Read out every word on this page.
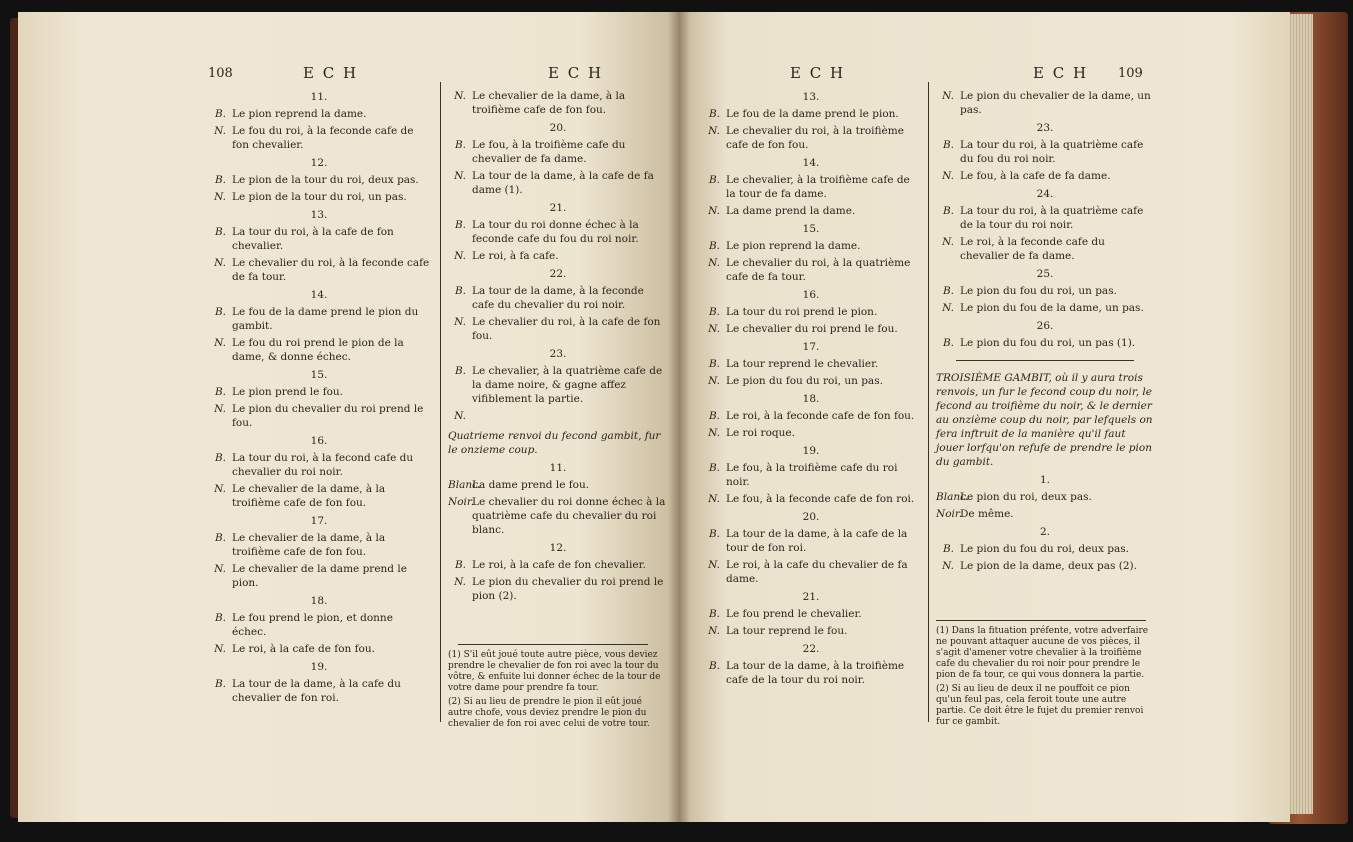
108	E C H	E C H
11.
B. Le pion reprend la dame.
N. Le fou du roi, à la feconde cafe de fon chevalier.
12.
B. Le pion de la tour du roi, deux pas.
N. Le pion de la tour du roi, un pas.
13.
B. La tour du roi, à la cafe de fon chevalier.
N. Le chevalier du roi, à la feconde cafe de fa tour.
14.
B. Le fou de la dame prend le pion du gambit.
N. Le fou du roi prend le pion de la dame, & donne échec.
15.
B. Le pion prend le fou.
N. Le pion du chevalier du roi prend le fou.
16.
B. La tour du roi, à la fecond cafe du chevalier du roi noir.
N. Le chevalier de la dame, à la troifième cafe de fon fou.
17.
B. Le chevalier de la dame, à la troifième cafe de fon fou.
N. Le chevalier de la dame prend le pion.
18.
B. Le fou prend le pion, et donne échec.
N. Le roi, à la cafe de fon fou.
19.
B. La tour de la dame, à la cafe du chevalier de fon roi.
N. Le chevalier de la dame, à la troifième cafe de fon fou.
20.
B. Le fou, à la troifième cafe du chevalier de fa dame.
N. La tour de la dame, à la cafe de fa dame (1).
21.
B. La tour du roi donne échec à la feconde cafe du fou du roi noir.
N. Le roi, à fa cafe.
22.
B. La tour de la dame, à la feconde cafe du chevalier du roi noir.
N. Le chevalier du roi, à la cafe de fon fou.
23.
B. Le chevalier, à la quatrième cafe de la dame noire, & gagne affez vifiblement la partie.
N.
Quatrieme renvoi du fecond gambit, fur le onzieme coup.
11.
Blanc.
La dame prend le fou.
Noir.
Le chevalier du roi donne échec à la quatrième cafe du chevalier du roi blanc.
12.
B. Le roi, à la cafe de fon chevalier.
N. Le pion du chevalier du roi prend le pion (2).

(1) S'il eût joué toute autre pièce, vous deviez prendre le chevalier de fon roi avec la tour du vôtre, & enfuite lui donner échec de la tour de votre dame pour prendre fa tour.

(2) Si au lieu de prendre le pion il eût joué autre chofe, vous deviez prendre le pion du chevalier de fon roi avec celui de votre tour.

E C H	E C H 109
13.
B. Le fou de la dame prend le pion.
N. Le chevalier du roi, à la troifième cafe de fon fou.
14.
B. Le chevalier, à la troifième cafe de la tour de fa dame.
N. La dame prend la dame.
15.
B. Le pion reprend la dame.
N. Le chevalier du roi, à la quatrième cafe de fa tour.
16.
B. La tour du roi prend le pion.
N. Le chevalier du roi prend le fou.
17.
B. La tour reprend le chevalier.
N. Le pion du fou du roi, un pas.
18.
B. Le roi, à la feconde cafe de fon fou.
N. Le roi roque.
19.
B. Le fou, à la troifième cafe du roi noir.
N. Le fou, à la feconde cafe de fon roi.
20.
B. La tour de la dame, à la cafe de la tour de fon roi.
N. Le roi, à la cafe du chevalier de fa dame.
21.
B. Le fou prend le chevalier.
N. La tour reprend le fou.
22.
B. La tour de la dame, à la troifième cafe de la tour du roi noir.
N. Le pion du chevalier de la dame, un pas.
23.
B. La tour du roi, à la quatrième cafe du fou du roi noir.
N. Le fou, à la cafe de fa dame.
24.
B. La tour du roi, à la quatrième cafe de la tour du roi noir.
N. Le roi, à la feconde cafe du chevalier de fa dame.
25.
B. Le pion du fou du roi, un pas.
N. Le pion du fou de la dame, un pas.
26.
B. Le pion du fou du roi, un pas (1).
TROISIÈME GAMBIT, où il y aura trois renvois, un fur le fecond coup du noir, le fecond au troifième du noir, & le dernier au onzième coup du noir, par lefquels on fera inftruit de la manière qu'il faut jouer lorfqu'on refufe de prendre le pion du gambit.
1.
Blanc.
Le pion du roi, deux pas.
Noir.
De même.
2.
B. Le pion du fou du roi, deux pas.
N. Le pion de la dame, deux pas (2).

(1) Dans la fituation préfente, votre adverfaire ne pouvant attaquer aucune de vos pièces, il s'agit d'amener votre chevalier à la troifième cafe du chevalier du roi noir pour prendre le pion de fa tour, ce qui vous donnera la partie.

(2) Si au lieu de deux il ne pouffoit ce pion qu'un feul pas, cela feroit toute une autre partie. Ce doit être le fujet du premier renvoi fur ce gambit.
